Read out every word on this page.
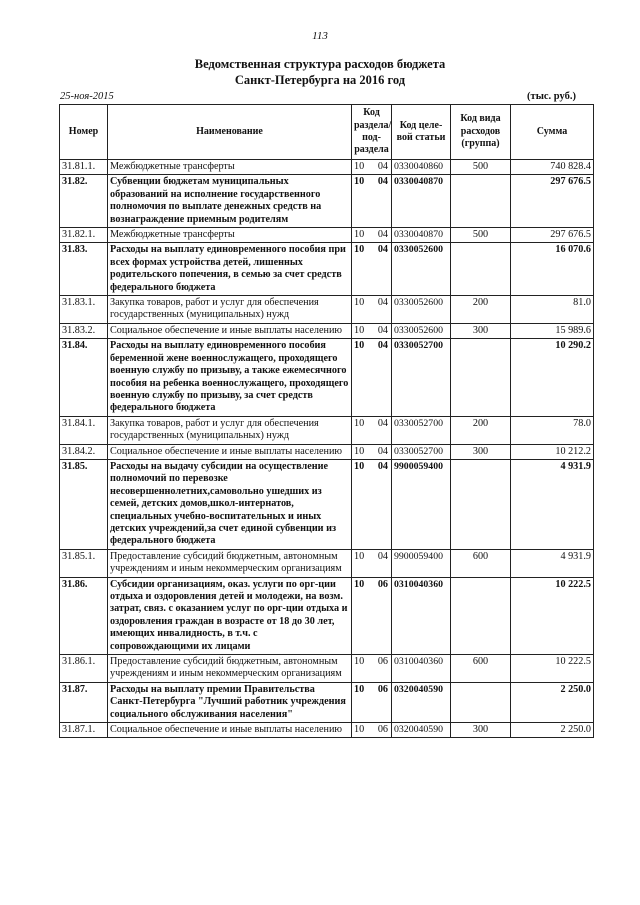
113
Ведомственная структура расходов бюджета
Санкт-Петербурга на 2016 год
25-ноя-2015	(тыс. руб.)
Номер	Наименование	Код раздела/ под-раздела	Код целе-вой статьи	Код вида расходов (группа)	Сумма
31.81.1.	Межбюджетные трансферты	10 04	0330040860	500	740 828.4
31.82.	Субвенции бюджетам муниципальных образований на исполнение государственного полномочия по выплате денежных средств на вознаграждение приемным родителям	10 04	0330040870		297 676.5
31.82.1.	Межбюджетные трансферты	10 04	0330040870	500	297 676.5
31.83.	Расходы на выплату единовременного пособия при всех формах устройства детей, лишенных родительского попечения, в семью за счет средств федерального бюджета	10 04	0330052600		16 070.6
31.83.1.	Закупка товаров, работ и услуг для обеспечения государственных (муниципальных) нужд	10 04	0330052600	200	81.0
31.83.2.	Социальное обеспечение и иные выплаты населению	10 04	0330052600	300	15 989.6
31.84.	Расходы на выплату единовременного пособия беременной жене военнослужащего, проходящего военную службу по призыву, а также ежемесячного пособия на ребенка военнослужащего, проходящего военную службу по призыву, за счет средств федерального бюджета	10 04	0330052700		10 290.2
31.84.1.	Закупка товаров, работ и услуг для обеспечения государственных (муниципальных) нужд	10 04	0330052700	200	78.0
31.84.2.	Социальное обеспечение и иные выплаты населению	10 04	0330052700	300	10 212.2
31.85.	Расходы на выдачу субсидии на осуществление полномочий по перевозке несовершеннолетних,самовольно ушедших из семей, детских домов,школ-интернатов, специальных учебно-воспитательных и иных детских учреждений,за счет единой субвенции из федерального бюджета	10 04	9900059400		4 931.9
31.85.1.	Предоставление субсидий бюджетным, автономным учреждениям и иным некоммерческим организациям	10 04	9900059400	600	4 931.9
31.86.	Субсидии организациям, оказ. услуги по орг-ции отдыха и оздоровления детей и молодежи, на возм. затрат, связ. с оказанием услуг по орг-ции отдыха и оздоровления граждан в возрасте от 18 до 30 лет, имеющих инвалидность, в т.ч. с сопровождающими их лицами	10 06	0310040360		10 222.5
31.86.1.	Предоставление субсидий бюджетным, автономным учреждениям и иным некоммерческим организациям	10 06	0310040360	600	10 222.5
31.87.	Расходы на выплату премии Правительства Санкт-Петербурга "Лучший работник учреждения социального обслуживания населения"	10 06	0320040590		2 250.0
31.87.1.	Социальное обеспечение и иные выплаты населению	10 06	0320040590	300	2 250.0
